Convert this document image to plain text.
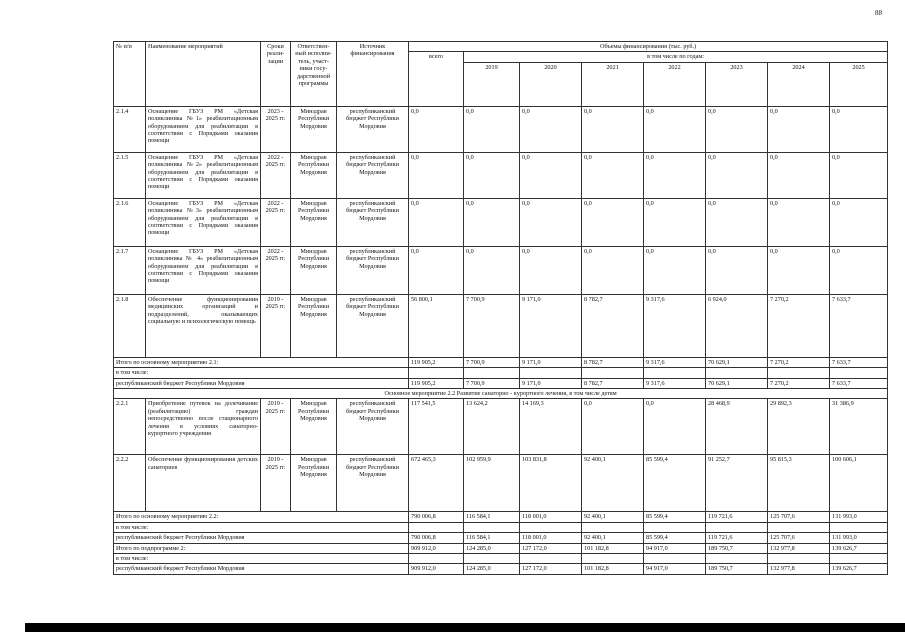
88
№ п/п	Наименование мероприятий	Сроки реали-зации	Ответствен-ный исполни-тель, участ-ники госу-дарственной программы	Источник финансирования	Объемы финансирования (тыс. руб.)							
					всего	в том числе по годам:						
						2019	2020	2021	2022	2023	2024	2025
2.1.4	Оснащение ГБУЗ РМ «Детская поликлиника №1» реабилитационным оборудованием для реабилитации в соответствии с Порядками оказания помощи	2023 - 2025 гг.	Минздрав Республики Мордовия	республиканский бюджет Республики Мордовия	0,0	0,0	0,0	0,0	0,0	0,0	0,0	0,0
2.1.5	Оснащение ГБУЗ РМ «Детская поликлиника №2» реабилитационным оборудованием для реабилитации в соответствии с Порядками оказания помощи	2022 - 2025 гг.	Минздрав Республики Мордовия	республиканский бюджет Республики Мордовия	0,0	0,0	0,0	0,0	0,0	0,0	0,0	0,0
2.1.6	Оснащение ГБУЗ РМ «Детская поликлиника №3» реабилитационным оборудованием для реабилитации в соответствии с Порядками оказания помощи	2022 - 2025 гг.	Минздрав Республики Мордовия	республиканский бюджет Республики Мордовия	0,0	0,0	0,0	0,0	0,0	0,0	0,0	0,0
2.1.7	Оснащение ГБУЗ РМ «Детская поликлиника № 4» реабилитационным оборудованием для реабилитации в соответствии с Порядками оказания помощи	2022 - 2025 гг.	Минздрав Республики Мордовия	республиканский бюджет Республики Мордовия	0,0	0,0	0,0	0,0	0,0	0,0	0,0	0,0
2.1.8	Обеспечение функционирования медицинских организаций и подразделений, оказывающих социальную и психологическую помощь	2019 - 2025 гг.	Минздрав Республики Мордовия	республиканский бюджет Республики Мордовия	56 800,1	7 700,9	9 171,0	8 782,7	9 317,6	6 924,0	7 270,2	7 633,7
Итого по основному мероприятию 2.1:					119 905,2	7 700,9	9 171,0	8 782,7	9 317,6	70 629,1	7 270,2	7 633,7
в том числе:												
республиканский бюджет Республики Мордовия					119 905,2	7 700,9	9 171,0	8 782,7	9 317,6	70 629,1	7 270,2	7 633,7
Основное мероприятие 2.2 Развитие санаторно - курортного лечения, в том числе детям												
2.2.1	Приобретение путевок на долечивание (реабилитацию) граждан непосредственно после стационарного лечения в условиях санаторно-курортного учреждения	2019 - 2025 гг.	Минздрав Республики Мордовия	республиканский бюджет Республики Мордовия	117 541,5	13 624,2	14 169,3	0,0	0,0	28 468,9	29 892,3	31 386,9
2.2.2	Обеспечение функционирования детских санаториев	2019 - 2025 гг.	Минздрав Республики Мордовия	республиканский бюджет Республики Мордовия	672 465,3	102 959,9	103 831,8	92 400,1	85 599,4	91 252,7	95 815,3	100 606,1
Итого по основному мероприятию 2.2:					790 006,8	116 584,1	118 001,0	92 400,1	85 599,4	119 721,6	125 707,6	131 993,0
в том числе:												
республиканский бюджет Республики Мордовия					790 006,8	116 584,1	118 001,0	92 400,1	85 599,4	119 721,6	125 707,6	131 993,0
Итого по подпрограмме 2:					909 912,0	124 285,0	127 172,0	101 182,8	94 917,0	189 750,7	132 977,8	139 626,7
в том числе:												
республиканский бюджет Республики Мордовия					909 912,0	124 285,0	127 172,0	101 182,8	94 917,0	189 750,7	132 977,8	139 626,7
